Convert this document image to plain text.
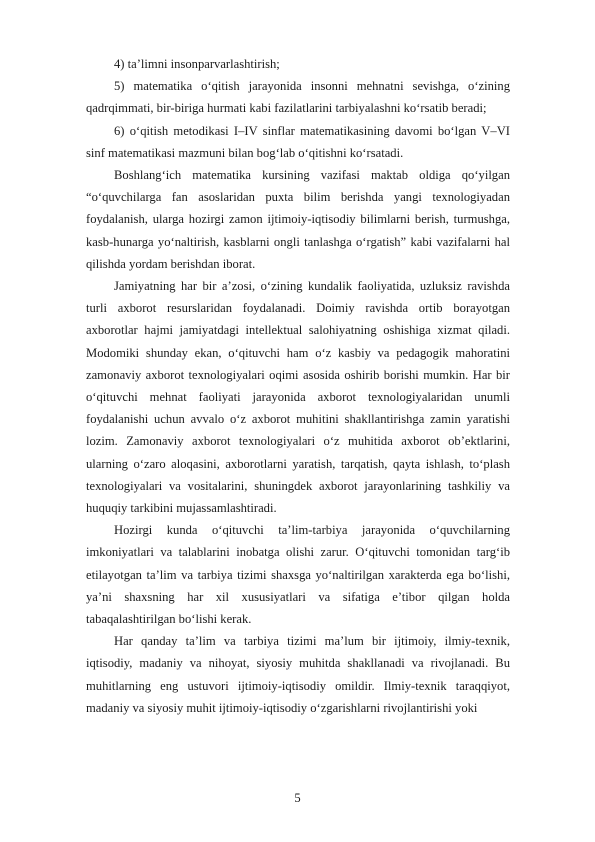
4) ta’limni insonparvarlashtirish;

5) matematika o‘qitish jarayonida insonni mehnatni sevishga, o‘zining qadrqimmati, bir-biriga hurmati kabi fazilatlarini tarbiyalashni ko‘rsatib beradi;

6) o‘qitish metodikasi I–IV sinflar matematikasining davomi bo‘lgan V–VI sinf matematikasi mazmuni bilan bog‘lab o‘qitishni ko‘rsatadi.

Boshlang‘ich matematika kursining vazifasi maktab oldiga qo‘yilgan “o‘quvchilarga fan asoslaridan puxta bilim berishda yangi texnologiyadan foydalanish, ularga hozirgi zamon ijtimoiy-iqtisodiy bilimlarni berish, turmushga, kasb-hunarga yo‘naltirish, kasblarni ongli tanlashga o‘rgatish” kabi vazifalarni hal qilishda yordam berishdan iborat.

Jamiyatning har bir a’zosi, o‘zining kundalik faoliyatida, uzluksiz ravishda turli axborot resurslaridan foydalanadi. Doimiy ravishda ortib borayotgan axborotlar hajmi jamiyatdagi intellektual salohiyatning oshishiga xizmat qiladi. Modomiki shunday ekan, o‘qituvchi ham o‘z kasbiy va pedagogik mahoratini zamonaviy axborot texnologiyalari oqimi asosida oshirib borishi mumkin. Har bir o‘qituvchi mehnat faoliyati jarayonida axborot texnologiyalaridan unumli foydalanishi uchun avvalo o‘z axborot muhitini shakllantirishga zamin yaratishi lozim. Zamonaviy axborot texnologiyalari o‘z muhitida axborot ob’ektlarini, ularning o‘zaro aloqasini, axborotlarni yaratish, tarqatish, qayta ishlash, to‘plash texnologiyalari va vositalarini, shuningdek axborot jarayonlarining tashkiliy va huquqiy tarkibini mujassamlashtiradi.

Hozirgi kunda o‘qituvchi ta’lim-tarbiya jarayonida o‘quvchilarning imkoniyatlari va talablarini inobatga olishi zarur. O‘qituvchi tomonidan targ‘ib etilayotgan ta’lim va tarbiya tizimi shaxsga yo‘naltirilgan xarakterda ega bo‘lishi, ya’ni shaxsning har xil xususiyatlari va sifatiga e’tibor qilgan holda tabaqalashtirilgan bo‘lishi kerak.

Har qanday ta’lim va tarbiya tizimi ma’lum bir ijtimoiy, ilmiy-texnik, iqtisodiy, madaniy va nihoyat, siyosiy muhitda shakllanadi va rivojlanadi. Bu muhitlarning eng ustuvori ijtimoiy-iqtisodiy omildir. Ilmiy-texnik taraqqiyot, madaniy va siyosiy muhit ijtimoiy-iqtisodiy o‘zgarishlarni rivojlantirishi yoki

5
